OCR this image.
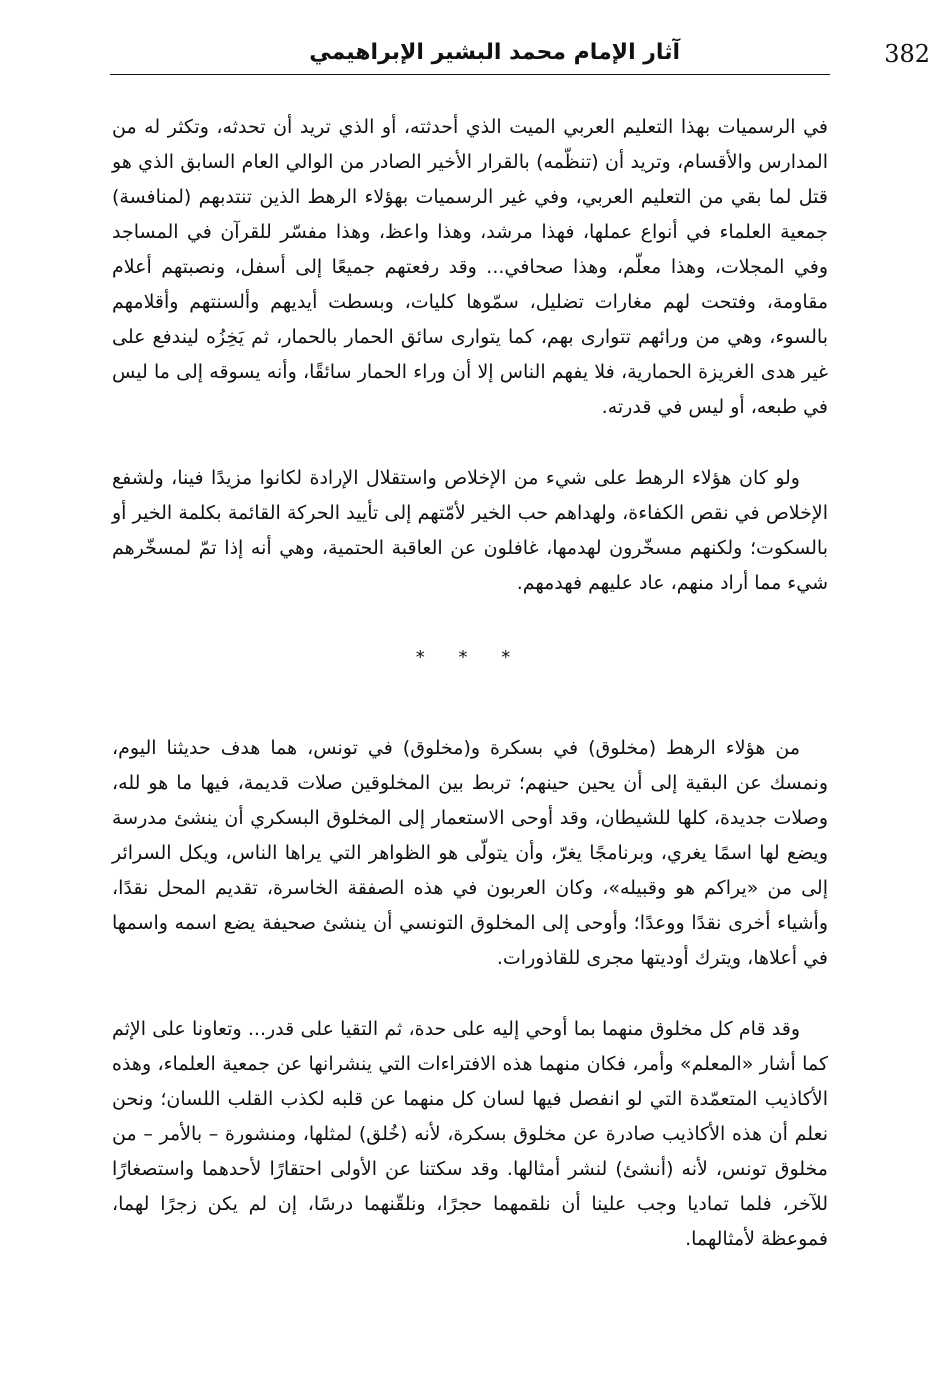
382
آثار الإمام محمد البشير الإبراهيمي

في الرسميات بهذا التعليم العربي الميت الذي أحدثته، أو الذي تريد أن تحدثه، وتكثر له من المدارس والأقسام، وتريد أن (تنظّمه) بالقرار الأخير الصادر من الوالي العام السابق الذي هو قتل لما بقي من التعليم العربي، وفي غير الرسميات بهؤلاء الرهط الذين تنتدبهم (لمنافسة) جمعية العلماء في أنواع عملها، فهذا مرشد، وهذا واعظ، وهذا مفسّر للقرآن في المساجد وفي المجلات، وهذا معلّم، وهذا صحافي... وقد رفعتهم جميعًا إلى أسفل، ونصبتهم أعلام مقاومة، وفتحت لهم مغارات تضليل، سمّوها كليات، وبسطت أيديهم وألسنتهم وأقلامهم بالسوء، وهي من ورائهم تتوارى بهم، كما يتوارى سائق الحمار بالحمار، ثم يَخِزُه ليندفع على غير هدى الغريزة الحمارية، فلا يفهم الناس إلا أن وراء الحمار سائقًا، وأنه يسوقه إلى ما ليس في طبعه، أو ليس في قدرته.

ولو كان هؤلاء الرهط على شيء من الإخلاص واستقلال الإرادة لكانوا مزيدًا فينا، ولشفع الإخلاص في نقص الكفاءة، ولهداهم حب الخير لأمّتهم إلى تأييد الحركة القائمة بكلمة الخير أو بالسكوت؛ ولكنهم مسخّرون لهدمها، غافلون عن العاقبة الحتمية، وهي أنه إذا تمّ لمسخّرهم شيء مما أراد منهم، عاد عليهم فهدمهم.

* * *

من هؤلاء الرهط (مخلوق) في بسكرة و(مخلوق) في تونس، هما هدف حديثنا اليوم، ونمسك عن البقية إلى أن يحين حينهم؛ تربط بين المخلوقين صلات قديمة، فيها ما هو لله، وصلات جديدة، كلها للشيطان، وقد أوحى الاستعمار إلى المخلوق البسكري أن ينشئ مدرسة ويضع لها اسمًا يغري، وبرنامجًا يغرّ، وأن يتولّى هو الظواهر التي يراها الناس، ويكل السرائر إلى من «يراكم هو وقبيله»، وكان العربون في هذه الصفقة الخاسرة، تقديم المحل نقدًا، وأشياء أخرى نقدًا ووعدًا؛ وأوحى إلى المخلوق التونسي أن ينشئ صحيفة يضع اسمه واسمها في أعلاها، ويترك أوديتها مجرى للقاذورات.

وقد قام كل مخلوق منهما بما أوحي إليه على حدة، ثم التقيا على قدر... وتعاونا على الإثم كما أشار «المعلم» وأمر، فكان منهما هذه الافتراءات التي ينشرانها عن جمعية العلماء، وهذه الأكاذيب المتعمّدة التي لو انفصل فيها لسان كل منهما عن قلبه لكذب القلب اللسان؛ ونحن نعلم أن هذه الأكاذيب صادرة عن مخلوق بسكرة، لأنه (خُلق) لمثلها، ومنشورة – بالأمر – من مخلوق تونس، لأنه (أنشئ) لنشر أمثالها. وقد سكتنا عن الأولى احتقارًا لأحدهما واستصغارًا للآخر، فلما تماديا وجب علينا أن نلقمهما حجرًا، ونلقّنهما درسًا، إن لم يكن زجرًا لهما، فموعظة لأمثالهما.
